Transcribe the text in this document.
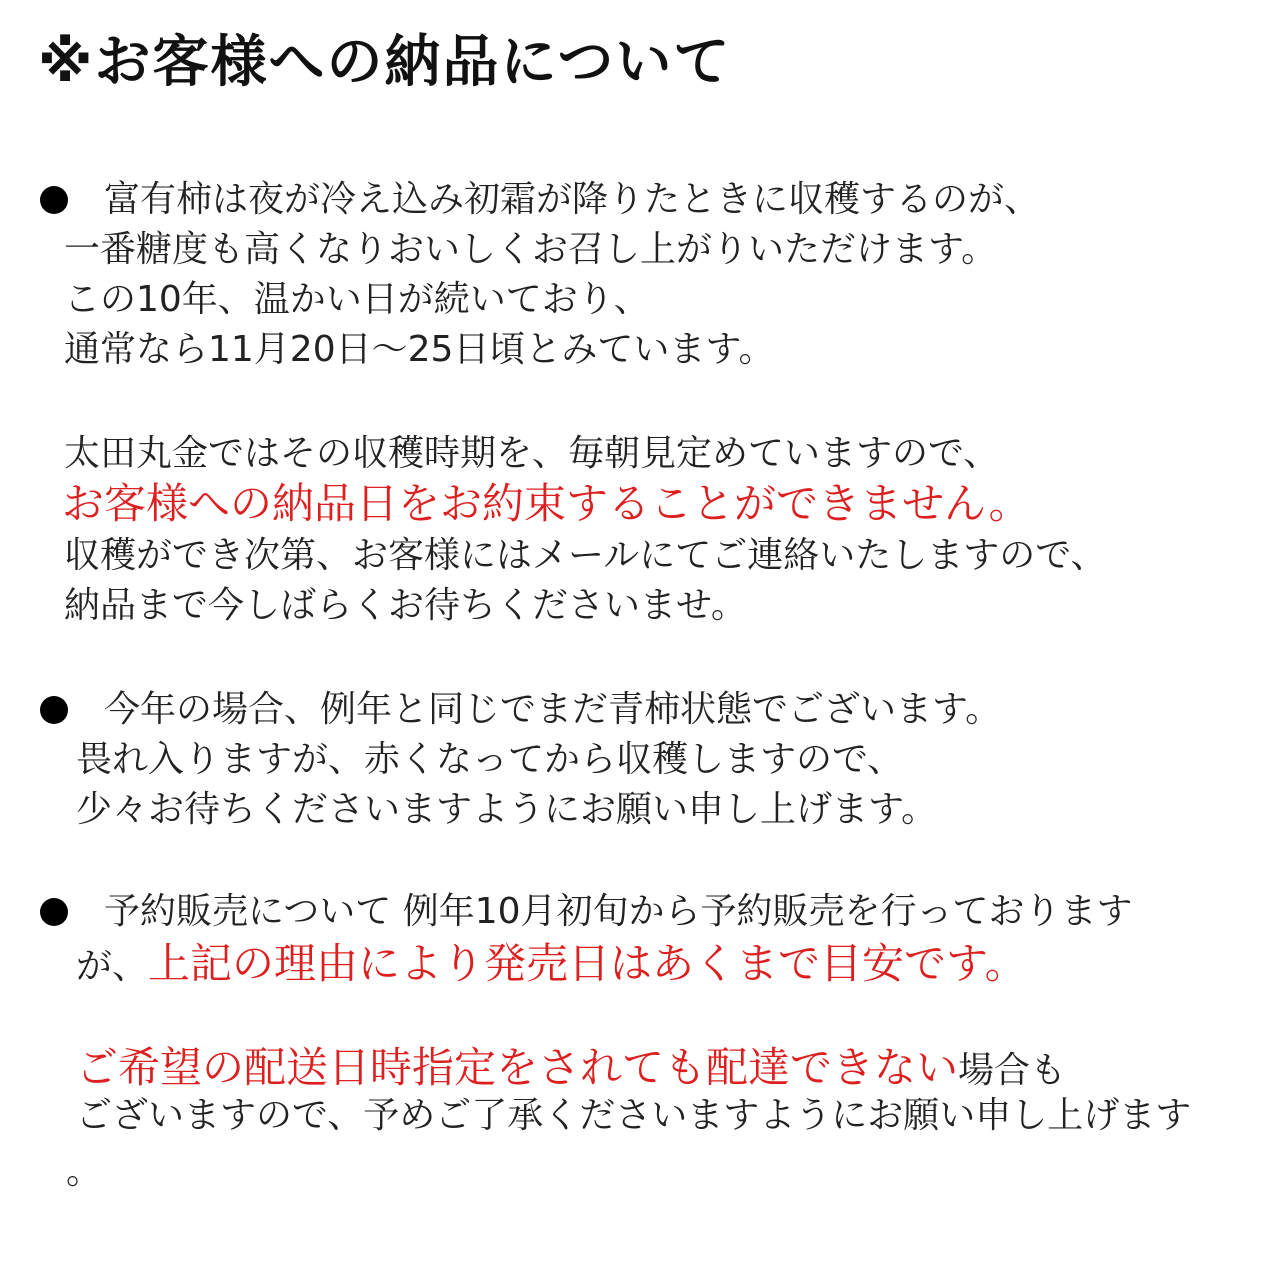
※お客様への納品について
富有柿は夜が冷え込み初霜が降りたときに収穫するのが、
一番糖度も高くなりおいしくお召し上がりいただけます。
この10年、温かい日が続いており、
通常なら11月20日～25日頃とみています。
太田丸金ではその収穫時期を、毎朝見定めていますので、
お客様への納品日をお約束することができません。
収穫ができ次第、お客様にはメールにてご連絡いたしますので、
納品まで今しばらくお待ちくださいませ。
今年の場合、例年と同じでまだ青柿状態でございます。
畏れ入りますが、赤くなってから収穫しますので、
少々お待ちくださいますようにお願い申し上げます。
予約販売について 例年10月初旬から予約販売を行っております
が、上記の理由により発売日はあくまで目安です。
ご希望の配送日時指定をされても配達できない場合も
ございますので、予めご了承くださいますようにお願い申し上げます
。
